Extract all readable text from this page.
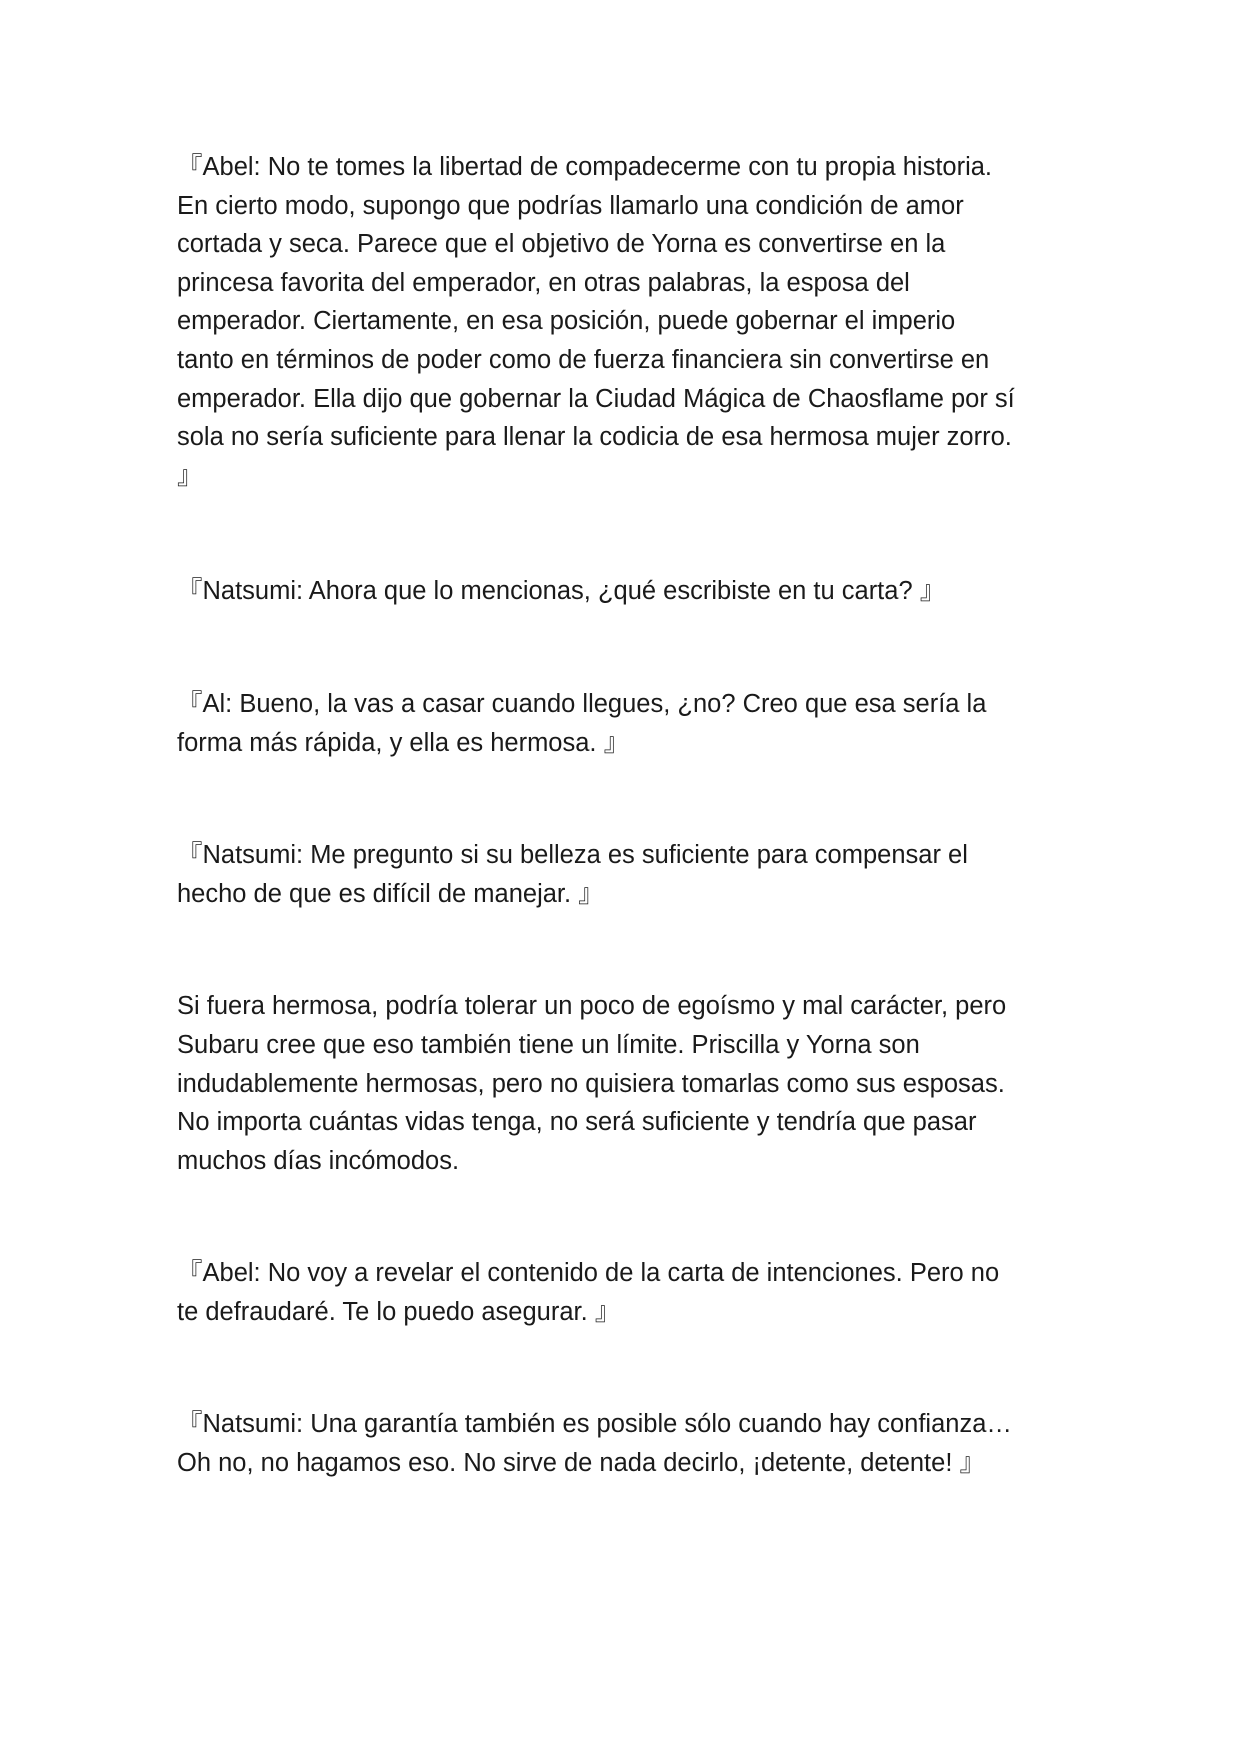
『Abel: No te tomes la libertad de compadecerme con tu propia historia.
En cierto modo, supongo que podrías llamarlo una condición de amor
cortada y seca. Parece que el objetivo de Yorna es convertirse en la
princesa favorita del emperador, en otras palabras, la esposa del
emperador. Ciertamente, en esa posición, puede gobernar el imperio
tanto en términos de poder como de fuerza financiera sin convertirse en
emperador. Ella dijo que gobernar la Ciudad Mágica de Chaosflame por sí
sola no sería suficiente para llenar la codicia de esa hermosa mujer zorro.
』

『Natsumi: Ahora que lo mencionas, ¿qué escribiste en tu carta? 』

『Al: Bueno, la vas a casar cuando llegues, ¿no? Creo que esa sería la
forma más rápida, y ella es hermosa. 』

『Natsumi: Me pregunto si su belleza es suficiente para compensar el
hecho de que es difícil de manejar. 』

Si fuera hermosa, podría tolerar un poco de egoísmo y mal carácter, pero
Subaru cree que eso también tiene un límite. Priscilla y Yorna son
indudablemente hermosas, pero no quisiera tomarlas como sus esposas.
No importa cuántas vidas tenga, no será suficiente y tendría que pasar
muchos días incómodos.

『Abel: No voy a revelar el contenido de la carta de intenciones. Pero no
te defraudaré. Te lo puedo asegurar. 』

『Natsumi: Una garantía también es posible sólo cuando hay confianza…
Oh no, no hagamos eso. No sirve de nada decirlo, ¡detente, detente! 』
